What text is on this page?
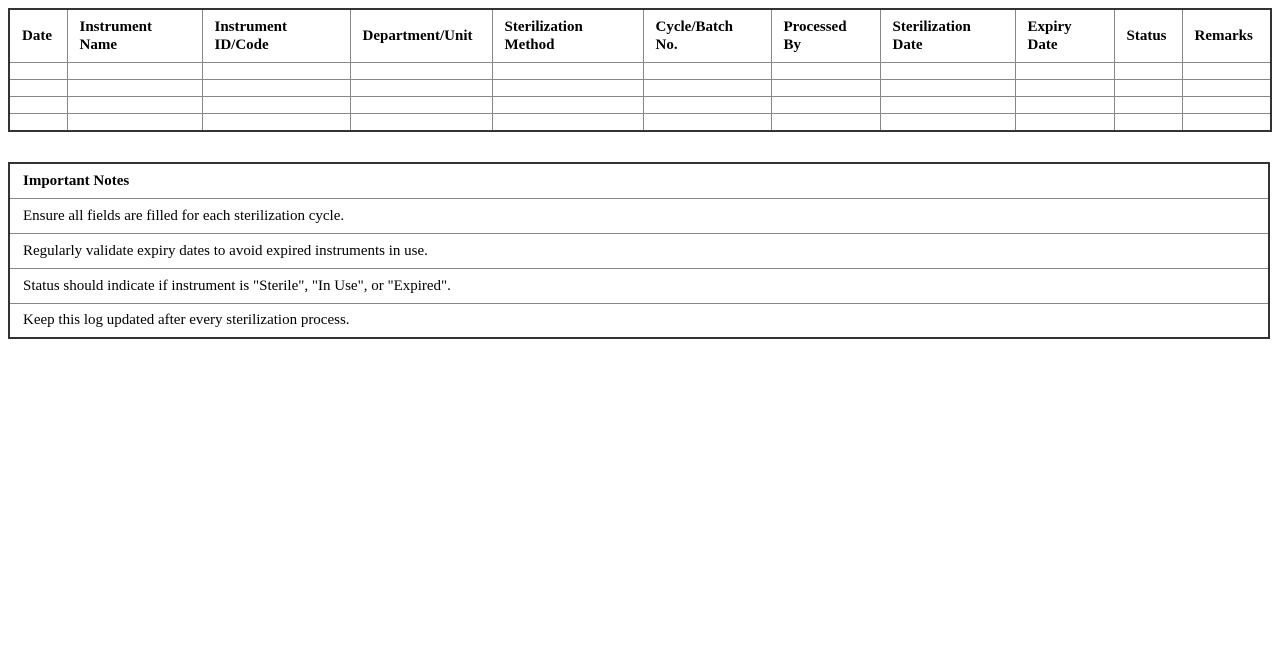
Date	Instrument Name	Instrument ID/Code	Department/Unit	Sterilization Method	Cycle/Batch No.	Processed By	Sterilization Date	Expiry Date	Status	Remarks

Important Notes
Ensure all fields are filled for each sterilization cycle.
Regularly validate expiry dates to avoid expired instruments in use.
Status should indicate if instrument is "Sterile", "In Use", or "Expired".
Keep this log updated after every sterilization process.
